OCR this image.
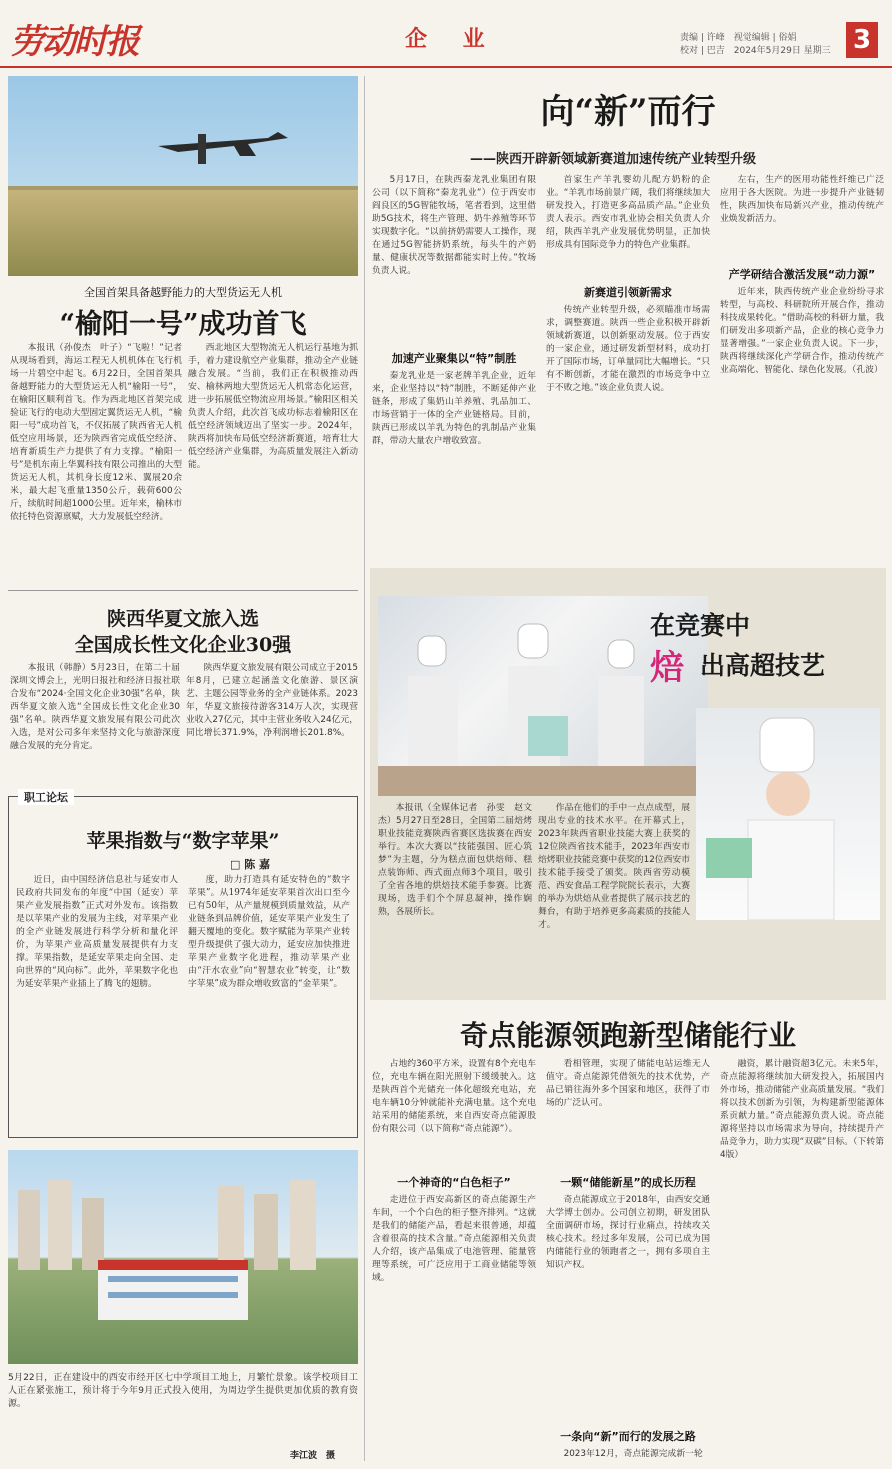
劳动时报	企 业	责编 | 许峰　视觉编辑 | 俗娟
校对 | 巴吉　2024年5月29日 星期三 3
全国首架具备越野能力的大型货运无人机
“榆阳一号”成功首飞

本报讯（孙俊杰　叶子）“飞啦！”记者从现场看到，海运工程无人机机体在飞行机场一片碧空中起飞。6月22日，全国首架具备越野能力的大型货运无人机“榆阳一号”，在榆阳区顺利首飞。作为西北地区首架完成验证飞行的电动大型固定翼货运无人机，“榆阳一号”成功首飞，不仅拓展了陕西省无人机低空应用场景，还为陕西省完成低空经济、培育新质生产力提供了有力支撑。“榆阳一号”是机东南上华翼科技有限公司推出的大型货运无人机，其机身长度12米、翼展20余米，最大起飞重量1350公斤，载荷600公斤，续航时间超1000公里。近年来，榆林市依托特色资源禀赋，大力发展低空经济。

西北地区大型物流无人机运行基地为抓手，着力建设航空产业集群，推动全产业链融合发展。“当前，我们正在积极推动西安、榆林两地大型货运无人机常态化运营，进一步拓展低空物流应用场景。”榆阳区相关负责人介绍，此次首飞成功标志着榆阳区在低空经济领域迈出了坚实一步。2024年，陕西将加快布局低空经济新赛道，培育壮大低空经济产业集群，为高质量发展注入新动能。

陕西华夏文旅入选
全国成长性文化企业30强

本报讯（韩静）5月23日，在第二十届深圳文博会上，光明日报社和经济日报社联合发布“2024·全国文化企业30强”名单，陕西华夏文旅入选“全国成长性文化企业30强”名单。陕西华夏文旅发展有限公司此次入选，是对公司多年来坚持文化与旅游深度融合发展的充分肯定。

陕西华夏文旅发展有限公司成立于2015年8月，已建立起涵盖文化旅游、景区演艺、主题公园等业务的全产业链体系。2023年，华夏文旅接待游客314万人次，实现营业收入27亿元，其中主营业务收入24亿元，同比增长371.9%，净利润增长201.8%。

职工论坛
苹果指数与“数字苹果”
□ 陈 嘉

近日，由中国经济信息社与延安市人民政府共同发布的年度“中国（延安）苹果产业发展指数”正式对外发布。该指数是以苹果产业的发展为主线，对苹果产业的全产业链发展进行科学分析和量化评价，为苹果产业高质量发展提供有力支撑。苹果指数，是延安苹果走向全国、走向世界的“风向标”。此外，苹果数字化也为延安苹果产业插上了腾飞的翅膀。

度，助力打造具有延安特色的“数字苹果”。从1974年延安苹果首次出口至今已有50年，从产量规模到质量效益，从产业链条到品牌价值，延安苹果产业发生了翻天覆地的变化。数字赋能为苹果产业转型升级提供了强大动力，延安应加快推进苹果产业数字化进程，推动苹果产业由“汗水农业”向“智慧农业”转变，让“数字苹果”成为群众增收致富的“金苹果”。

5月22日，正在建设中的西安市经开区七中学项目工地上，月繁忙景象。该学校项目工人正在紧张施工，预计将于今年9月正式投入使用，为周边学生提供更加优质的教育资源。
李江波　摄
向“新”而行
——陕西开辟新领域新赛道加速传统产业转型升级

5月17日，在陕西秦龙乳业集团有限公司（以下简称“秦龙乳业”）位于西安市阎良区的5G智能牧场，笔者看到，这里借助5G技术，将生产管理、奶牛养殖等环节实现数字化。“以前挤奶需要人工操作，现在通过5G智能挤奶系统，每头牛的产奶量、健康状况等数据都能实时上传。”牧场负责人说。

加速产业聚集以“特”制胜

秦龙乳业是一家老牌羊乳企业，近年来，企业坚持以“特”制胜，不断延伸产业链条，形成了集奶山羊养殖、乳品加工、市场营销于一体的全产业链格局。目前，陕西已形成以羊乳为特色的乳制品产业集群，带动大量农户增收致富。

首家生产羊乳婴幼儿配方奶粉的企业。“羊乳市场前景广阔，我们将继续加大研发投入，打造更多高品质产品。”企业负责人表示。西安市乳业协会相关负责人介绍，陕西羊乳产业发展优势明显，正加快形成具有国际竞争力的特色产业集群。

新赛道引领新需求

传统产业转型升级，必须瞄准市场需求，调整赛道。陕西一些企业积极开辟新领域新赛道，以创新驱动发展。位于西安的一家企业，通过研发新型材料，成功打开了国际市场，订单量同比大幅增长。“只有不断创新，才能在激烈的市场竞争中立于不败之地。”该企业负责人说。

左右，生产的医用功能性纤维已广泛应用于各大医院。为进一步提升产业链韧性，陕西加快布局新兴产业，推动传统产业焕发新活力。

产学研结合激活发展“动力源”

近年来，陕西传统产业企业纷纷寻求转型，与高校、科研院所开展合作，推动科技成果转化。“借助高校的科研力量，我们研发出多项新产品，企业的核心竞争力显著增强。”一家企业负责人说。下一步，陕西将继续深化产学研合作，推动传统产业高端化、智能化、绿色化发展。（孔波）

在竞赛中
焙 出高超技艺

本报讯（全媒体记者　孙雯　赵文杰）5月27日至28日，全国第二届焙烤职业技能竞赛陕西省赛区选拔赛在西安举行。本次大赛以“技能强国、匠心筑梦”为主题，分为糕点面包烘焙师、糕点装饰师、西式面点师3个项目，吸引了全省各地的烘焙技术能手参赛。比赛现场，选手们个个屏息凝神，操作娴熟，各展所长。

作品在他们的手中一点点成型，展现出专业的技术水平。在开幕式上，2023年陕西省职业技能大赛上获奖的12位陕西省技术能手，2023年西安市焙烤职业技能竞赛中获奖的12位西安市技术能手接受了颁奖。陕西省劳动模范、西安食品工程学院院长表示，大赛的举办为烘焙从业者提供了展示技艺的舞台，有助于培养更多高素质的技能人才。

奇点能源领跑新型储能行业

占地约360平方米，设置有8个充电车位，充电车辆在阳光照射下缓缓驶入。这是陕西首个光储充一体化超级充电站，充电车辆10分钟就能补充满电量。这个充电站采用的储能系统，来自西安奇点能源股份有限公司（以下简称“奇点能源”）。

一个神奇的“白色柜子”

走进位于西安高新区的奇点能源生产车间，一个个白色的柜子整齐排列。“这就是我们的储能产品，看起来很普通，却蕴含着很高的技术含量。”奇点能源相关负责人介绍，该产品集成了电池管理、能量管理等系统，可广泛应用于工商业储能等领域。

看相管理，实现了储能电站运维无人值守。奇点能源凭借领先的技术优势，产品已销往海外多个国家和地区，获得了市场的广泛认可。

一颗“储能新星”的成长历程

奇点能源成立于2018年，由西安交通大学博士创办。公司创立初期，研发团队全面调研市场，探讨行业痛点，持续攻关核心技术。经过多年发展，公司已成为国内储能行业的领跑者之一，拥有多项自主知识产权。

一条向“新”而行的发展之路

2023年12月，奇点能源完成新一轮

融资，累计融资超3亿元。未来5年，奇点能源将继续加大研发投入，拓展国内外市场，推动储能产业高质量发展。“我们将以技术创新为引领，为构建新型能源体系贡献力量。”奇点能源负责人说。奇点能源将坚持以市场需求为导向，持续提升产品竞争力，助力实现“双碳”目标。（下转第4版）
